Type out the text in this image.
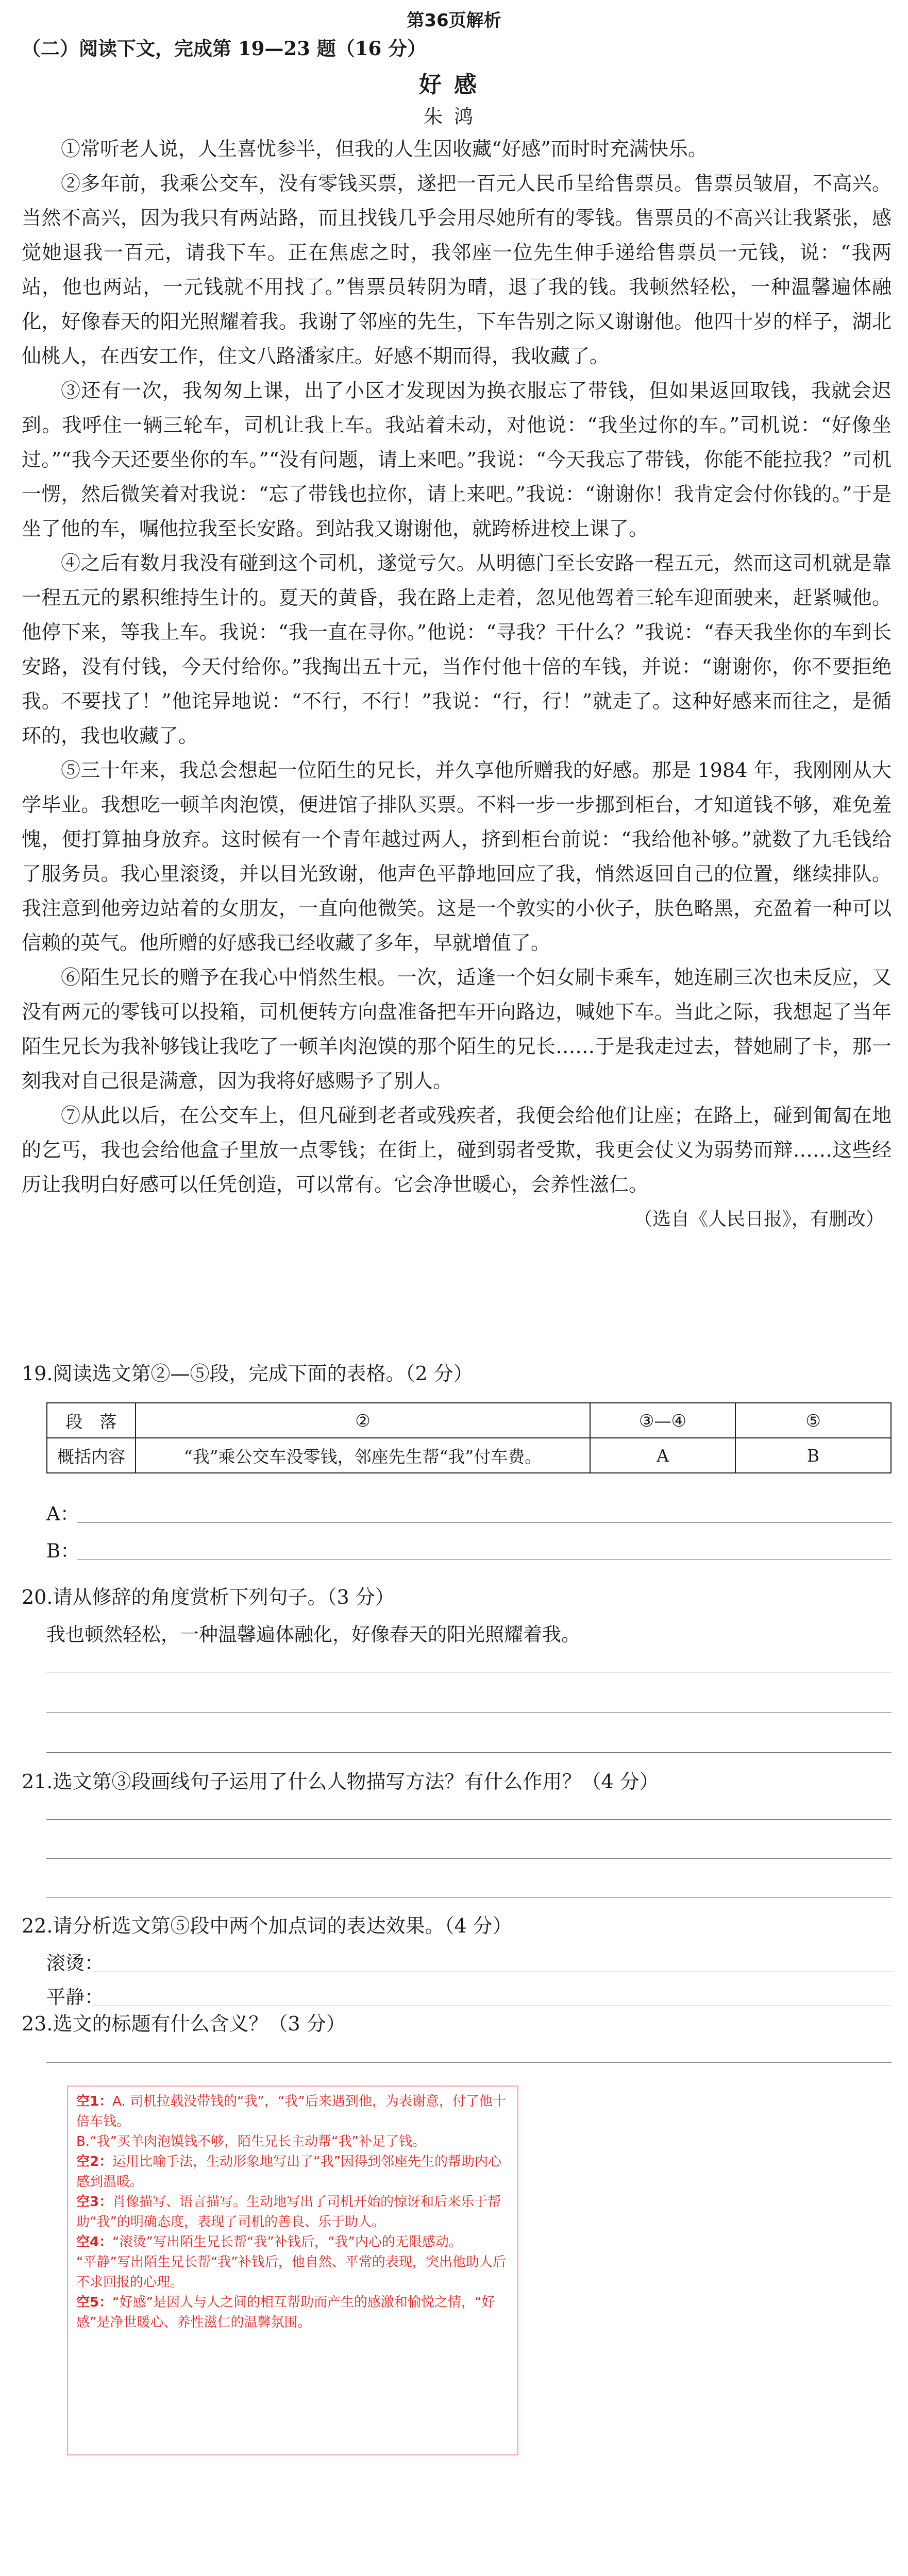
第36页解析
（二）阅读下文，完成第 19—23 题（16 分）
好感
朱鸿

①常听老人说，人生喜忧参半，但我的人生因收藏“好感”而时时充满快乐。

②多年前，我乘公交车，没有零钱买票，遂把一百元人民币呈给售票员。售票员皱眉，不高兴。当然不高兴，因为我只有两站路，而且找钱几乎会用尽她所有的零钱。售票员的不高兴让我紧张，感觉她退我一百元，请我下车。正在焦虑之时，我邻座一位先生伸手递给售票员一元钱，说：“我两站，他也两站，一元钱就不用找了。”售票员转阴为晴，退了我的钱。我顿然轻松，一种温馨遍体融化，好像春天的阳光照耀着我。我谢了邻座的先生，下车告别之际又谢谢他。他四十岁的样子，湖北仙桃人，在西安工作，住文八路潘家庄。好感不期而得，我收藏了。

③还有一次，我匆匆上课，出了小区才发现因为换衣服忘了带钱，但如果返回取钱，我就会迟到。我呼住一辆三轮车，司机让我上车。我站着未动，对他说：“我坐过你的车。”司机说：“好像坐过。”“我今天还要坐你的车。”“没有问题，请上来吧。”我说：“今天我忘了带钱，你能不能拉我？”司机一愣，然后微笑着对我说：“忘了带钱也拉你，请上来吧。”我说：“谢谢你！我肯定会付你钱的。”于是坐了他的车，嘱他拉我至长安路。到站我又谢谢他，就跨桥进校上课了。

④之后有数月我没有碰到这个司机，遂觉亏欠。从明德门至长安路一程五元，然而这司机就是靠一程五元的累积维持生计的。夏天的黄昏，我在路上走着，忽见他驾着三轮车迎面驶来，赶紧喊他。他停下来，等我上车。我说：“我一直在寻你。”他说：“寻我？干什么？”我说：“春天我坐你的车到长安路，没有付钱，今天付给你。”我掏出五十元，当作付他十倍的车钱，并说：“谢谢你，你不要拒绝我。不要找了！”他诧异地说：“不行，不行！”我说：“行，行！”就走了。这种好感来而往之，是循环的，我也收藏了。

⑤三十年来，我总会想起一位陌生的兄长，并久享他所赠我的好感。那是 1984 年，我刚刚从大学毕业。我想吃一顿羊肉泡馍，便进馆子排队买票。不料一步一步挪到柜台，才知道钱不够，难免羞愧，便打算抽身放弃。这时候有一个青年越过两人，挤到柜台前说：“我给他补够。”就数了九毛钱给了服务员。我心里滚烫，并以目光致谢，他声色平静地回应了我，悄然返回自己的位置，继续排队。我注意到他旁边站着的女朋友，一直向他微笑。这是一个敦实的小伙子，肤色略黑，充盈着一种可以信赖的英气。他所赠的好感我已经收藏了多年，早就增值了。

⑥陌生兄长的赠予在我心中悄然生根。一次，适逢一个妇女刷卡乘车，她连刷三次也未反应，又没有两元的零钱可以投箱，司机便转方向盘准备把车开向路边，喊她下车。当此之际，我想起了当年陌生兄长为我补够钱让我吃了一顿羊肉泡馍的那个陌生的兄长……于是我走过去，替她刷了卡，那一刻我对自己很是满意，因为我将好感赐予了别人。

⑦从此以后，在公交车上，但凡碰到老者或残疾者，我便会给他们让座；在路上，碰到匍匐在地的乞丐，我也会给他盒子里放一点零钱；在街上，碰到弱者受欺，我更会仗义为弱势而辩……这些经历让我明白好感可以任凭创造，可以常有。它会净世暖心，会养性滋仁。

（选自《人民日报》，有删改）

19.阅读选文第②—⑤段，完成下面的表格。（2 分）
段　落	②	③—④	⑤
概括内容	“我”乘公交车没零钱，邻座先生帮“我”付车费。	A	B
A：
B：
20.请从修辞的角度赏析下列句子。（3 分）
我也顿然轻松，一种温馨遍体融化，好像春天的阳光照耀着我。
21.选文第③段画线句子运用了什么人物描写方法？有什么作用？（4 分）
22.请分析选文第⑤段中两个加点词的表达效果。（4 分）
滚烫：
平静：
23.选文的标题有什么含义？（3 分）

空1：A. 司机拉载没带钱的“我”，“我”后来遇到他，为表谢意，付了他十倍车钱。

B.“我”买羊肉泡馍钱不够，陌生兄长主动帮“我”补足了钱。

空2：运用比喻手法，生动形象地写出了“我”因得到邻座先生的帮助内心感到温暖。

空3：肖像描写、语言描写。生动地写出了司机开始的惊讶和后来乐于帮助“我”的明确态度，表现了司机的善良、乐于助人。

空4：“滚烫”写出陌生兄长帮“我”补钱后，“我”内心的无限感动。

“平静”写出陌生兄长帮“我”补钱后，他自然、平常的表现，突出他助人后不求回报的心理。

空5：“好感”是因人与人之间的相互帮助而产生的感激和愉悦之情，“好感”是净世暖心、养性滋仁的温馨氛围。
